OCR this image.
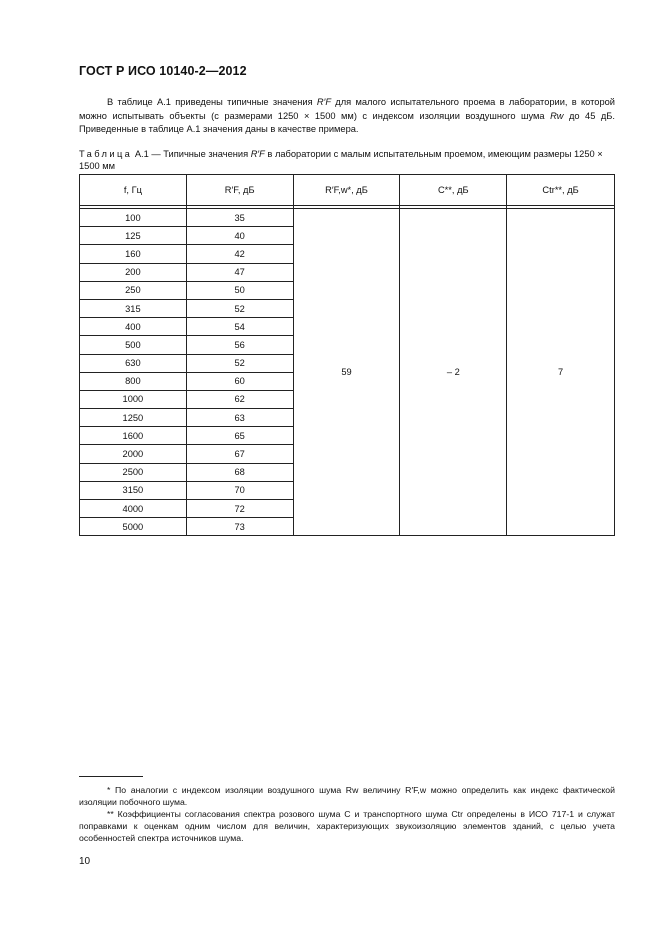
ГОСТ Р ИСО 10140-2—2012
В таблице А.1 приведены типичные значения R′F для малого испытательного проема в лаборатории, в которой можно испытывать объекты (с размерами 1250 × 1500 мм) с индексом изоляции воздушного шума Rw до 45 дБ. Приведенные в таблице А.1 значения даны в качестве примера.
Таблица А.1 — Типичные значения R′F в лаборатории с малым испытательным проемом, имеющим размеры 1250 × 1500 мм
f, Гц	R′F, дБ	R′F,w*, дБ	C**, дБ	Ctr**, дБ

100	35	59	– 2	7
125	40			
160	42			
200	47			
250	50			
315	52			
400	54			
500	56			
630	52			
800	60			
1000	62			
1250	63			
1600	65			
2000	67			
2500	68			
3150	70			
4000	72			
5000	73			
* По аналогии с индексом изоляции воздушного шума Rw величину R′F,w можно определить как индекс фактической изоляции побочного шума.
** Коэффициенты согласования спектра розового шума C и транспортного шума Ctr определены в ИСО 717-1 и служат поправками к оценкам одним числом для величин, характеризующих звукоизоляцию элементов зданий, с целью учета особенностей спектра источников шума.
10
